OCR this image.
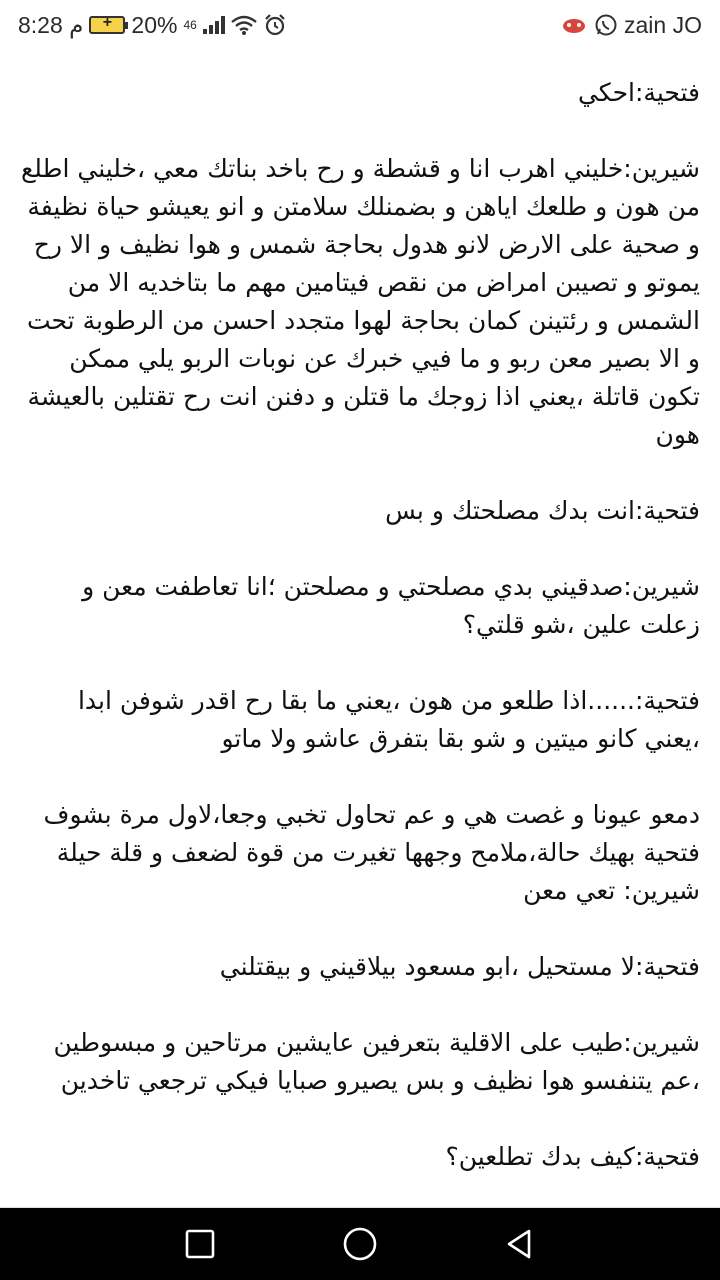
8:28 م	+ 20% 46	zain JO

فتحية:احكي

شيرين:خليني اهرب انا و قشطة و رح باخد بناتك معي ،خليني اطلع من هون و طلعك اياهن و بضمنلك سلامتن و انو يعيشو حياة نظيفة و صحية على الارض لانو هدول بحاجة شمس و هوا نظيف و الا رح يموتو و تصيبن امراض من نقص فيتامين مهم ما بتاخديه الا من الشمس و رئتينن كمان بحاجة لهوا متجدد احسن من الرطوبة تحت و الا بصير معن ربو و ما فيي خبرك عن نوبات الربو يلي ممكن تكون قاتلة ،يعني اذا زوجك ما قتلن و دفنن انت رح تقتلين بالعيشة هون

فتحية:انت بدك مصلحتك و بس

شيرين:صدقيني بدي مصلحتي و مصلحتن ؛انا تعاطفت معن و زعلت علين ،شو قلتي؟

فتحية:......اذا طلعو من هون ،يعني ما بقا رح اقدر شوفن ابدا ،يعني كانو ميتين و شو بقا بتفرق عاشو ولا ماتو

دمعو عيونا و غصت هي و عم تحاول تخبي وجعا،لاول مرة بشوف فتحية بهيك حالة،ملامح وجهها تغيرت من قوة لضعف و قلة حيلة
شيرين: تعي معن

فتحية:لا مستحيل ،ابو مسعود بيلاقيني و بيقتلني

شيرين:طيب على الاقلية بتعرفين عايشين مرتاحين و مبسوطين ،عم يتنفسو هوا نظيف و بس يصيرو صبايا فيكي ترجعي تاخدين

فتحية:كيف بدك تطلعين؟
